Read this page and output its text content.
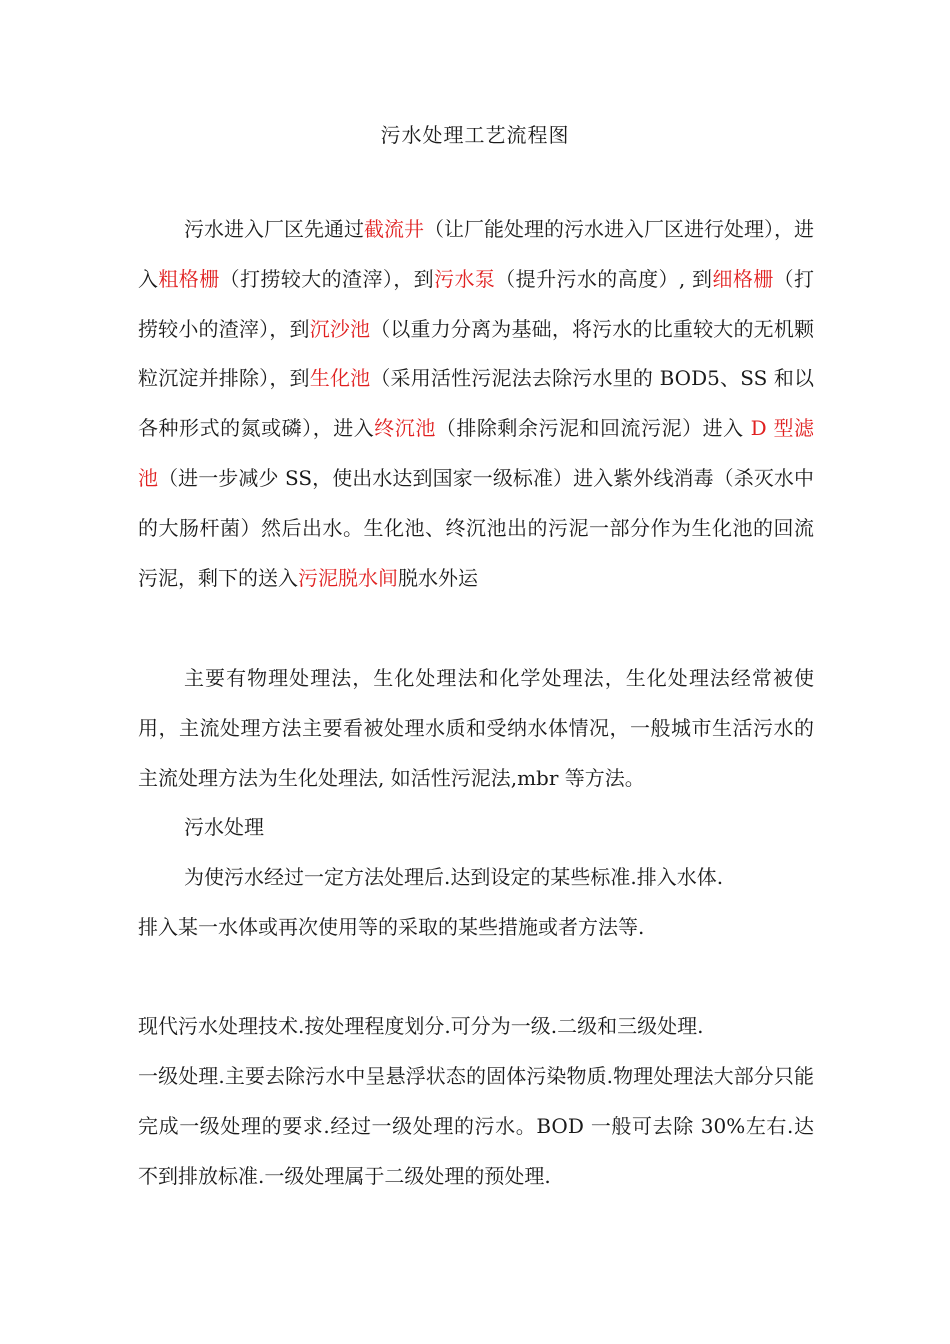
污水处理工艺流程图

污水进入厂区先通过截流井（让厂能处理的污水进入厂区进行处理），进入粗格栅（打捞较大的渣滓），到污水泵（提升污水的高度）, 到细格栅（打捞较小的渣滓），到沉沙池（以重力分离为基础，将污水的比重较大的无机颗粒沉淀并排除），到生化池（采用活性污泥法去除污水里的 BOD5、SS 和以各种形式的氮或磷），进入终沉池（排除剩余污泥和回流污泥）进入 D 型滤池（进一步减少 SS，使出水达到国家一级标准）进入紫外线消毒（杀灭水中的大肠杆菌）然后出水。生化池、终沉池出的污泥一部分作为生化池的回流污泥，剩下的送入污泥脱水间脱水外运

主要有物理处理法，生化处理法和化学处理法，生化处理法经常被使用，主流处理方法主要看被处理水质和受纳水体情况，一般城市生活污水的主流处理方法为生化处理法, 如活性污泥法,mbr 等方法。

污水处理

为使污水经过一定方法处理后.达到设定的某些标准.排入水体.
排入某一水体或再次使用等的采取的某些措施或者方法等.

现代污水处理技术.按处理程度划分.可分为一级.二级和三级处理.

一级处理.主要去除污水中呈悬浮状态的固体污染物质.物理处理法大部分只能完成一级处理的要求.经过一级处理的污水。BOD 一般可去除 30%左右.达不到排放标准.一级处理属于二级处理的预处理.
